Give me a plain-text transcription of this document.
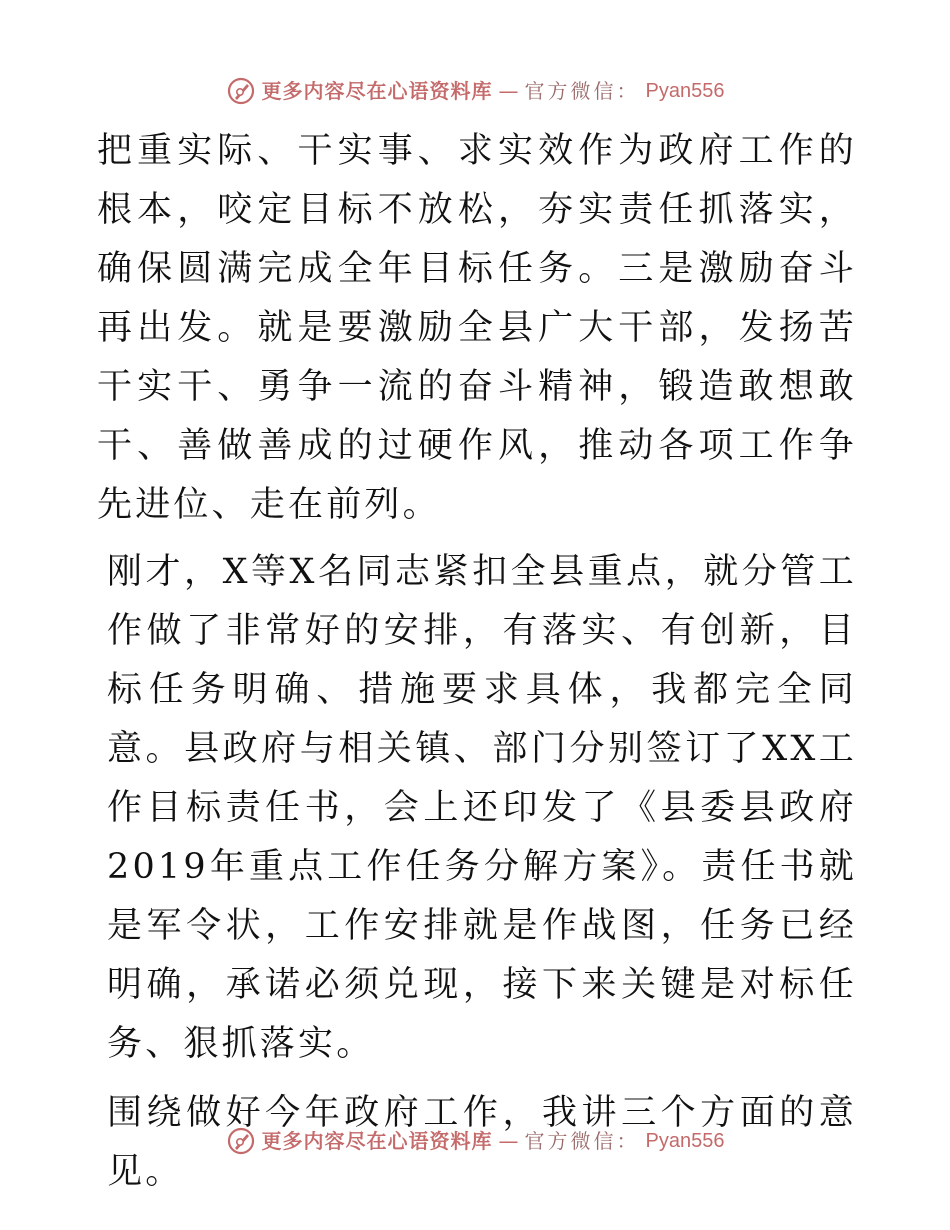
更多内容尽在心语资料库 — 官方微信： Pyan556

把重实际、干实事、求实效作为政府工作的根本，咬定目标不放松，夯实责任抓落实，确保圆满完成全年目标任务。三是激励奋斗再出发。就是要激励全县广大干部，发扬苦干实干、勇争一流的奋斗精神，锻造敢想敢干、善做善成的过硬作风，推动各项工作争先进位、走在前列。

刚才，X等X名同志紧扣全县重点，就分管工作做了非常好的安排，有落实、有创新，目标任务明确、措施要求具体，我都完全同意。县政府与相关镇、部门分别签订了XX工作目标责任书，会上还印发了《县委县政府2019年重点工作任务分解方案》。责任书就是军令状，工作安排就是作战图，任务已经明确，承诺必须兑现，接下来关键是对标任务、狠抓落实。

围绕做好今年政府工作，我讲三个方面的意见。

更多内容尽在心语资料库 — 官方微信： Pyan556
